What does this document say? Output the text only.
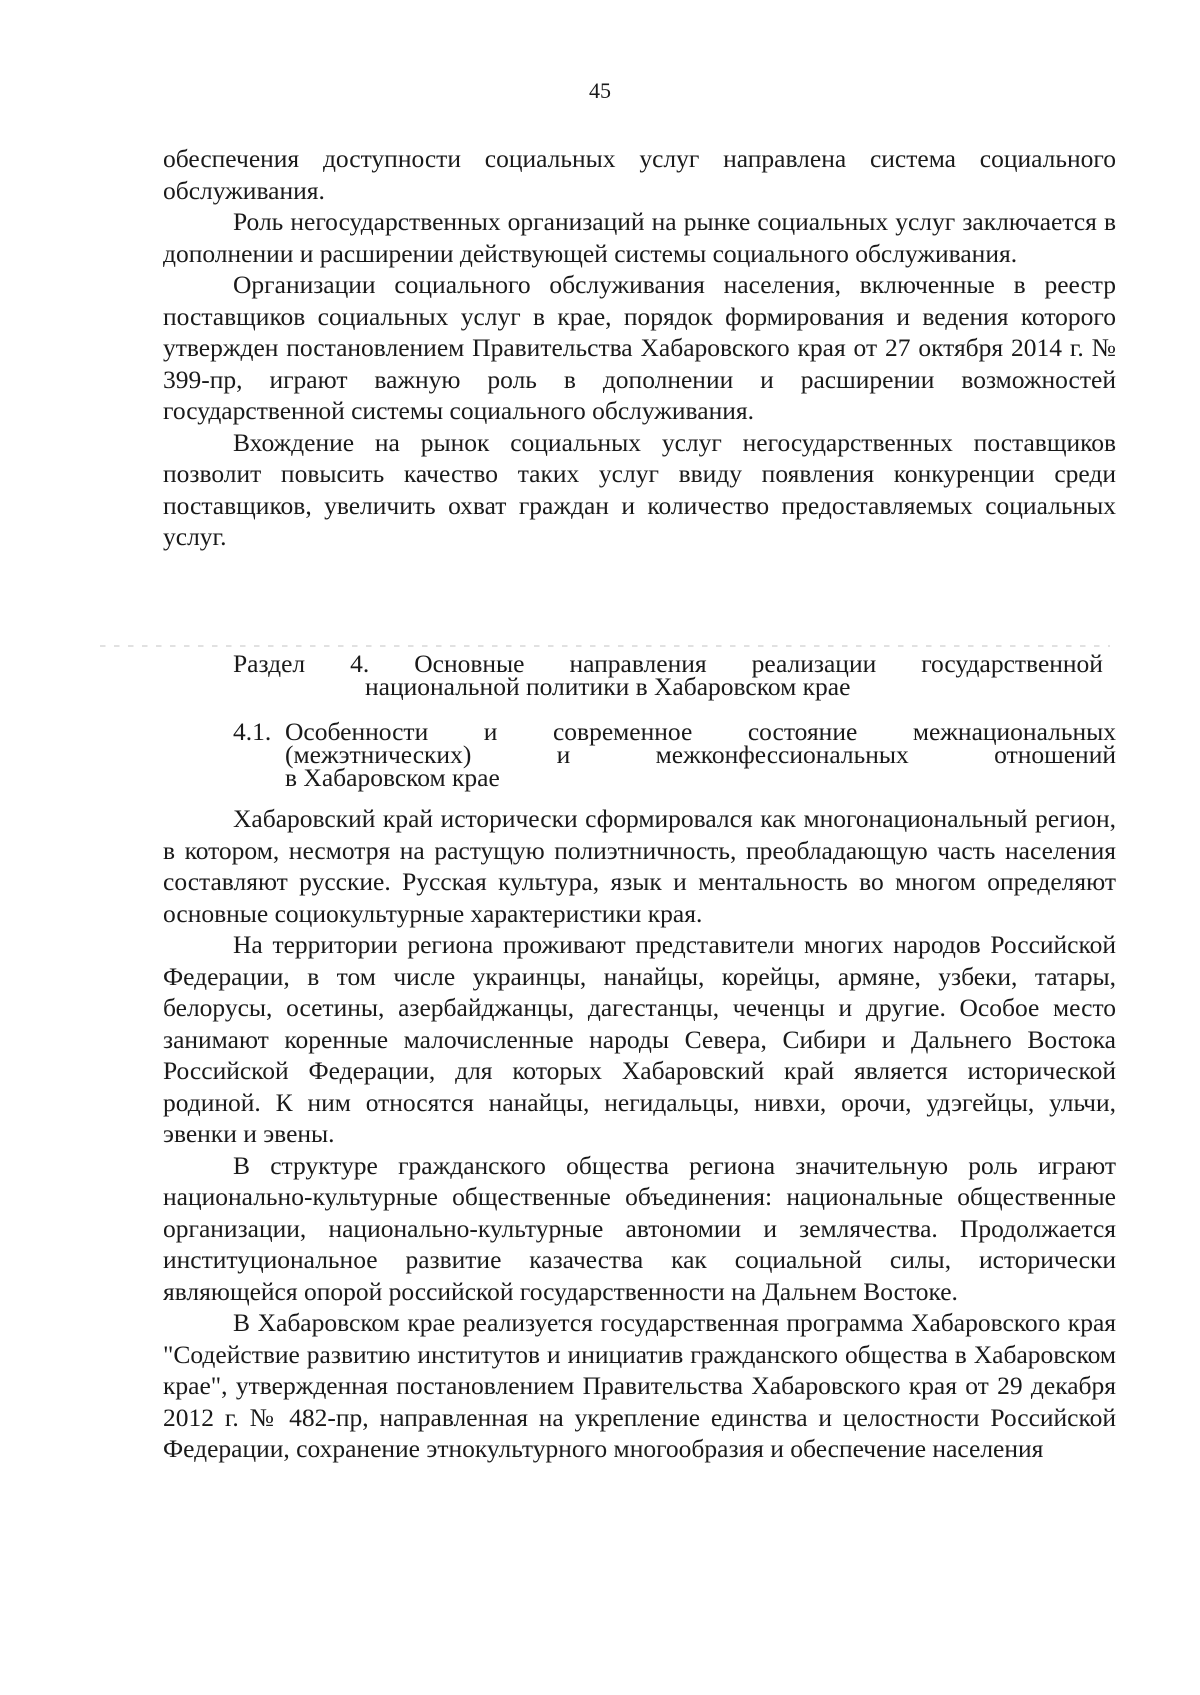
45

обеспечения доступности социальных услуг направлена система социального обслуживания.

Роль негосударственных организаций на рынке социальных услуг заключается в дополнении и расширении действующей системы социального обслуживания.

Организации социального обслуживания населения, включенные в реестр поставщиков социальных услуг в крае, порядок формирования и ведения которого утвержден постановлением Правительства Хабаровского края от 27 октября 2014 г. № 399-пр, играют важную роль в дополнении и расширении возможностей государственной системы социального обслуживания.

Вхождение на рынок социальных услуг негосударственных поставщиков позволит повысить качество таких услуг ввиду появления конкуренции среди поставщиков, увеличить охват граждан и количество предоставляемых социальных услуг.

Раздел 4. Основные направления реализации государственной
национальной политики в Хабаровском крае
4.1. Особенности и современное состояние межнациональных
(межэтнических) и межконфессиональных отношений
в Хабаровском крае

Хабаровский край исторически сформировался как многонациональный регион, в котором, несмотря на растущую полиэтничность, преобладающую часть населения составляют русские. Русская культура, язык и ментальность во многом определяют основные социокультурные характеристики края.

На территории региона проживают представители многих народов Российской Федерации, в том числе украинцы, нанайцы, корейцы, армяне, узбеки, татары, белорусы, осетины, азербайджанцы, дагестанцы, чеченцы и другие. Особое место занимают коренные малочисленные народы Севера, Сибири и Дальнего Востока Российской Федерации, для которых Хабаровский край является исторической родиной. К ним относятся нанайцы, негидальцы, нивхи, орочи, удэгейцы, ульчи, эвенки и эвены.

В структуре гражданского общества региона значительную роль играют национально-культурные общественные объединения: национальные общественные организации, национально-культурные автономии и землячества. Продолжается институциональное развитие казачества как социальной силы, исторически являющейся опорой российской государственности на Дальнем Востоке.

В Хабаровском крае реализуется государственная программа Хабаровского края "Содействие развитию институтов и инициатив гражданского общества в Хабаровском крае", утвержденная постановлением Правительства Хабаровского края от 29 декабря 2012 г. № 482-пр, направленная на укрепление единства и целостности Российской Федерации, сохранение этнокультурного многообразия и обеспечение населения
